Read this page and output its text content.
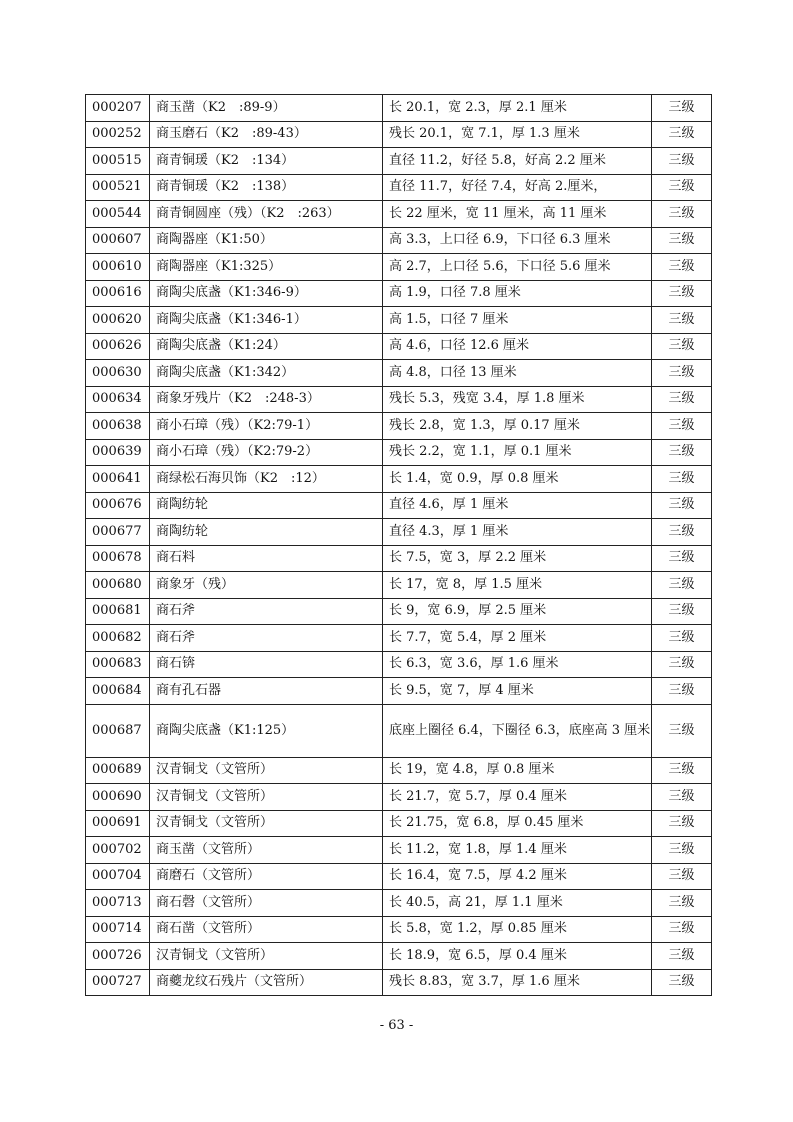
000207	商玉凿（K2　:89-9）	长 20.1，宽 2.3，厚 2.1 厘米	三级
000252	商玉磨石（K2　:89-43）	残长 20.1，宽 7.1，厚 1.3 厘米	三级
000515	商青铜瑗（K2　:134）	直径 11.2，好径 5.8，好高 2.2 厘米	三级
000521	商青铜瑗（K2　:138）	直径 11.7，好径 7.4，好高 2.厘米，	三级
000544	商青铜圆座（残）（K2　:263）	长 22 厘米，宽 11 厘米，高 11 厘米	三级
000607	商陶器座（K1:50）	高 3.3，上口径 6.9，下口径 6.3 厘米	三级
000610	商陶器座（K1:325）	高 2.7，上口径 5.6，下口径 5.6 厘米	三级
000616	商陶尖底盏（K1:346-9）	高 1.9，口径 7.8 厘米	三级
000620	商陶尖底盏（K1:346-1）	高 1.5，口径 7 厘米	三级
000626	商陶尖底盏（K1:24）	高 4.6，口径 12.6 厘米	三级
000630	商陶尖底盏（K1:342）	高 4.8，口径 13 厘米	三级
000634	商象牙残片（K2　:248-3）	残长 5.3，残宽 3.4，厚 1.8 厘米	三级
000638	商小石璋（残）（K2:79-1）	残长 2.8，宽 1.3，厚 0.17 厘米	三级
000639	商小石璋（残）（K2:79-2）	残长 2.2，宽 1.1，厚 0.1 厘米	三级
000641	商绿松石海贝饰（K2　:12）	长 1.4，宽 0.9，厚 0.8 厘米	三级
000676	商陶纺轮	直径 4.6，厚 1 厘米	三级
000677	商陶纺轮	直径 4.3，厚 1 厘米	三级
000678	商石料	长 7.5，宽 3，厚 2.2 厘米	三级
000680	商象牙（残）	长 17，宽 8，厚 1.5 厘米	三级
000681	商石斧	长 9，宽 6.9，厚 2.5 厘米	三级
000682	商石斧	长 7.7，宽 5.4，厚 2 厘米	三级
000683	商石锛	长 6.3，宽 3.6，厚 1.6 厘米	三级
000684	商有孔石器	长 9.5，宽 7，厚 4 厘米	三级
000687	商陶尖底盏（K1:125）	底座上圈径 6.4，下圈径 6.3，底座高 3 厘米	三级
000689	汉青铜戈（文管所）	长 19，宽 4.8，厚 0.8 厘米	三级
000690	汉青铜戈（文管所）	长 21.7，宽 5.7，厚 0.4 厘米	三级
000691	汉青铜戈（文管所）	长 21.75，宽 6.8，厚 0.45 厘米	三级
000702	商玉凿（文管所）	长 11.2，宽 1.8，厚 1.4 厘米	三级
000704	商磨石（文管所）	长 16.4，宽 7.5，厚 4.2 厘米	三级
000713	商石磬（文管所）	长 40.5，高 21，厚 1.1 厘米	三级
000714	商石凿（文管所）	长 5.8，宽 1.2，厚 0.85 厘米	三级
000726	汉青铜戈（文管所）	长 18.9，宽 6.5，厚 0.4 厘米	三级
000727	商夔龙纹石残片（文管所）	残长 8.83，宽 3.7，厚 1.6 厘米	三级
- 63 -
